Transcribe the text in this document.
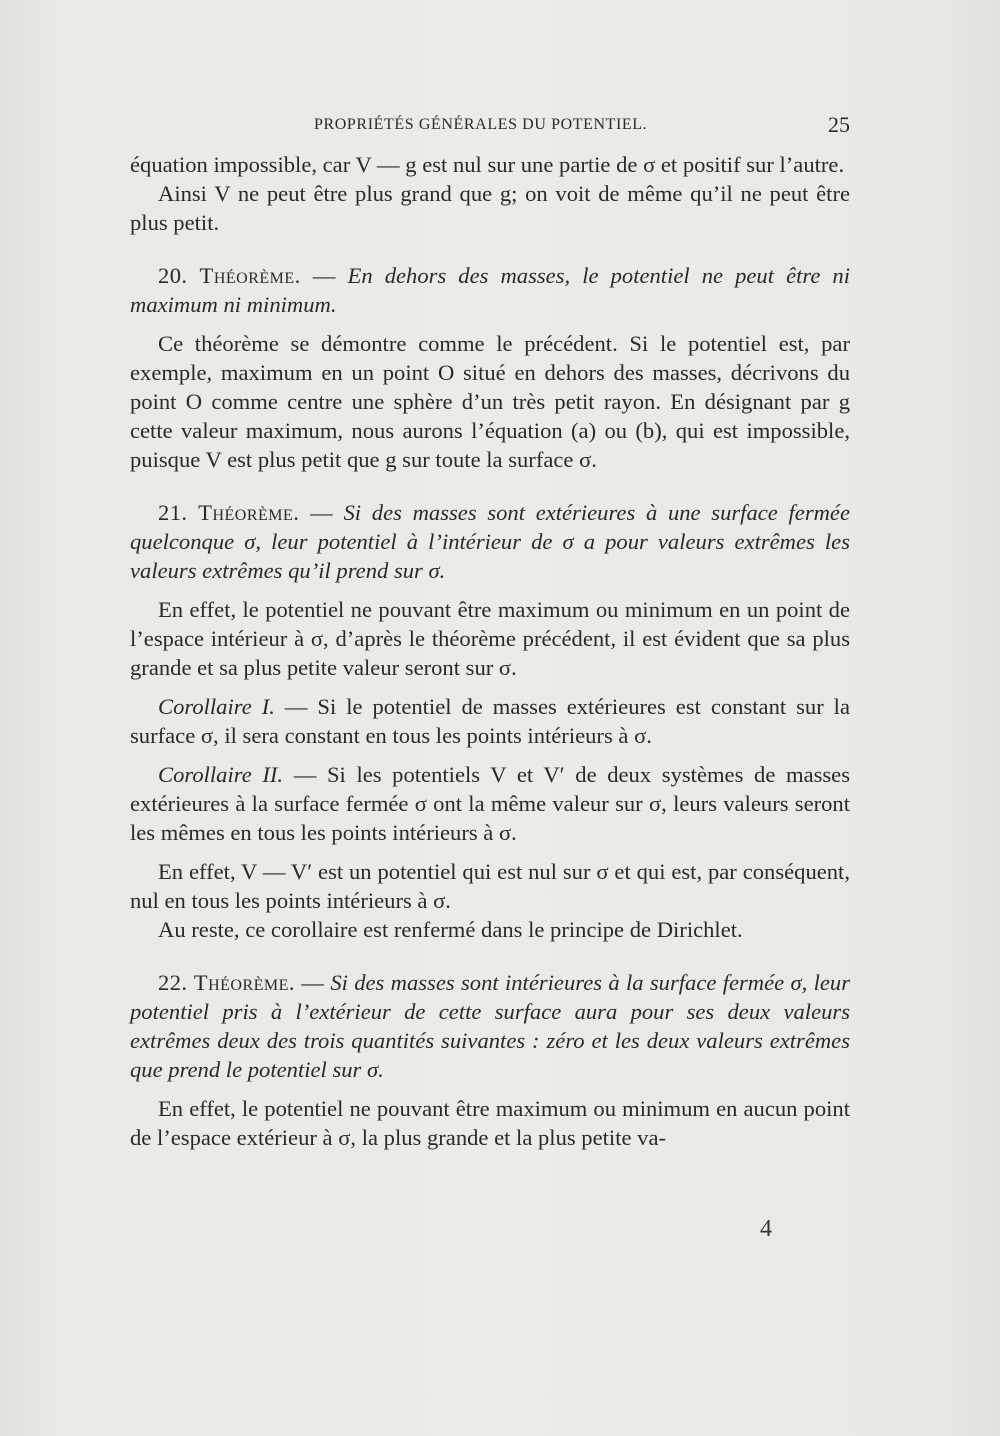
PROPRIÉTÉS GÉNÉRALES DU POTENTIEL.	25

équation impossible, car V — g est nul sur une partie de σ et positif sur l’autre.

Ainsi V ne peut être plus grand que g; on voit de même qu’il ne peut être plus petit.

20. Théorème. — En dehors des masses, le potentiel ne peut être ni maximum ni minimum.

Ce théorème se démontre comme le précédent. Si le potentiel est, par exemple, maximum en un point O situé en dehors des masses, décrivons du point O comme centre une sphère d’un très petit rayon. En désignant par g cette valeur maximum, nous aurons l’équation (a) ou (b), qui est impossible, puisque V est plus petit que g sur toute la surface σ.

21. Théorème. — Si des masses sont extérieures à une surface fermée quelconque σ, leur potentiel à l’intérieur de σ a pour valeurs extrêmes les valeurs extrêmes qu’il prend sur σ.

En effet, le potentiel ne pouvant être maximum ou minimum en un point de l’espace intérieur à σ, d’après le théorème précédent, il est évident que sa plus grande et sa plus petite valeur seront sur σ.

Corollaire I. — Si le potentiel de masses extérieures est constant sur la surface σ, il sera constant en tous les points intérieurs à σ.

Corollaire II. — Si les potentiels V et V′ de deux systèmes de masses extérieures à la surface fermée σ ont la même valeur sur σ, leurs valeurs seront les mêmes en tous les points intérieurs à σ.

En effet, V — V′ est un potentiel qui est nul sur σ et qui est, par conséquent, nul en tous les points intérieurs à σ.

Au reste, ce corollaire est renfermé dans le principe de Dirichlet.

22. Théorème. — Si des masses sont intérieures à la surface fermée σ, leur potentiel pris à l’extérieur de cette surface aura pour ses deux valeurs extrêmes deux des trois quantités suivantes : zéro et les deux valeurs extrêmes que prend le potentiel sur σ.

En effet, le potentiel ne pouvant être maximum ou minimum en aucun point de l’espace extérieur à σ, la plus grande et la plus petite va-

4
